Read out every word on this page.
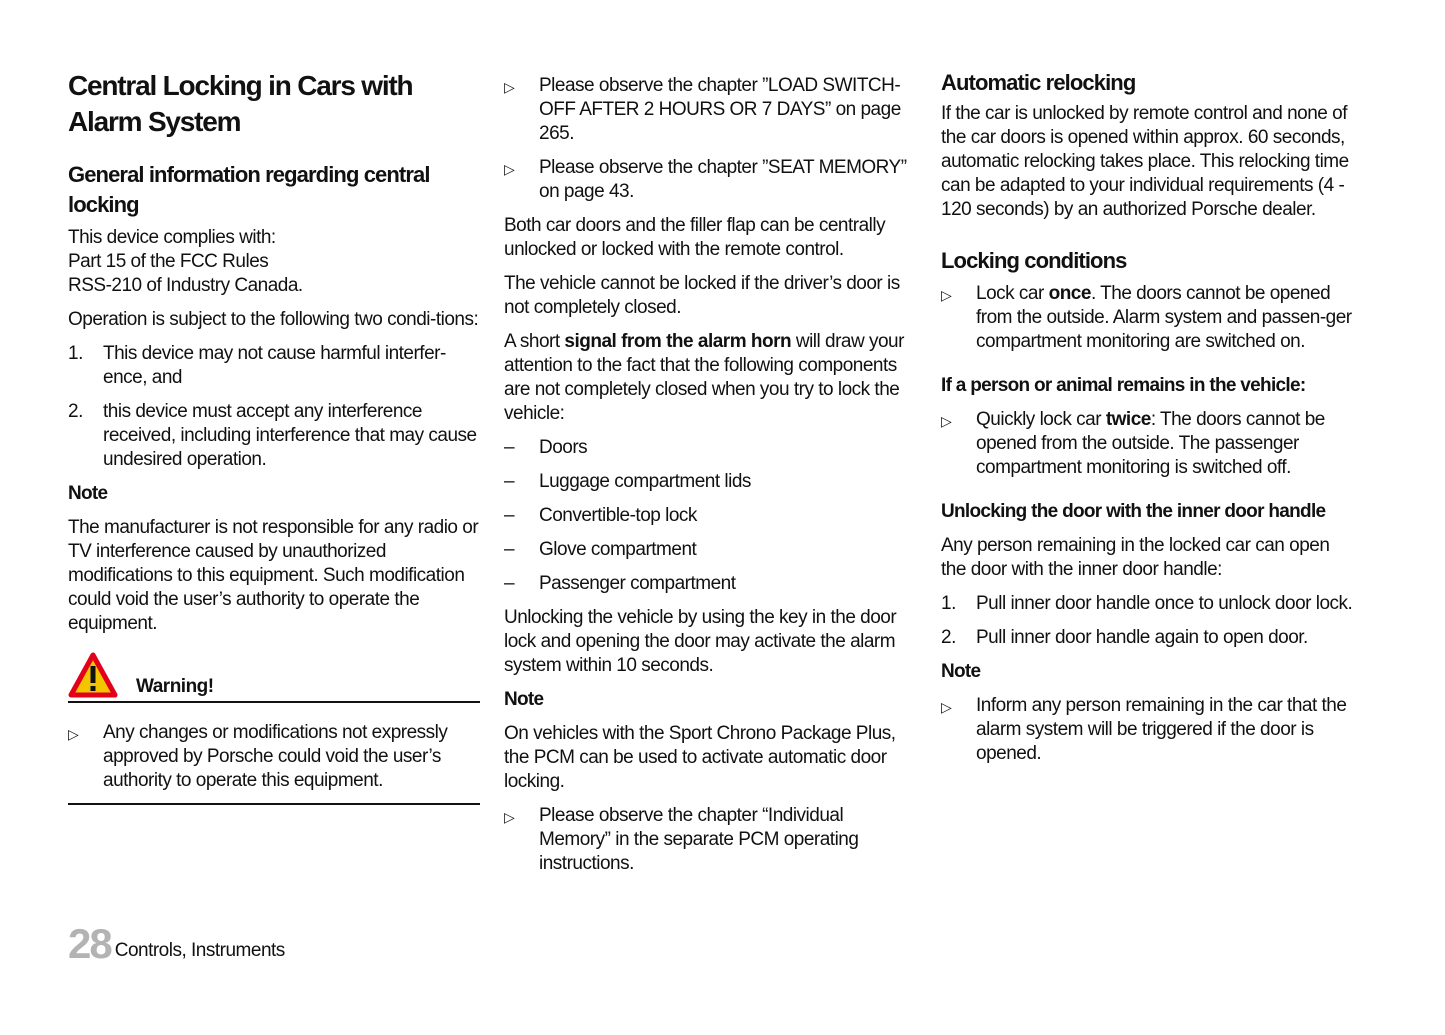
Central Locking in Cars with Alarm System
General information regarding central locking

This device complies with:
Part 15 of the FCC Rules
RSS-210 of Industry Canada.

Operation is subject to the following two condi-tions:

1.	This device may not cause harmful interfer-ence, and
2.	this device must accept any interference received, including interference that may cause undesired operation.
Note

The manufacturer is not responsible for any radio or TV interference caused by unauthorized modifications to this equipment. Such modification could void the user’s authority to operate the equipment.

Warning!
▷	Any changes or modifications not expressly approved by Porsche could void the user’s authority to operate this equipment.
▷	Please observe the chapter ”LOAD SWITCH-OFF AFTER 2 HOURS OR 7 DAYS” on page 265.
▷	Please observe the chapter ”SEAT MEMORY” on page 43.

Both car doors and the filler flap can be centrally unlocked or locked with the remote control.

The vehicle cannot be locked if the driver’s door is not completely closed.

A short signal from the alarm horn will draw your attention to the fact that the following components are not completely closed when you try to lock the vehicle:

–	Doors
–	Luggage compartment lids
–	Convertible-top lock
–	Glove compartment
–	Passenger compartment

Unlocking the vehicle by using the key in the door lock and opening the door may activate the alarm system within 10 seconds.

Note

On vehicles with the Sport Chrono Package Plus, the PCM can be used to activate automatic door locking.

▷	Please observe the chapter “Individual Memory” in the separate PCM operating instructions.
Automatic relocking

If the car is unlocked by remote control and none of the car doors is opened within approx. 60 seconds, automatic relocking takes place. This relocking time can be adapted to your individual requirements (4 - 120 seconds) by an authorized Porsche dealer.

Locking conditions
▷	Lock car once. The doors cannot be opened from the outside. Alarm system and passen-ger compartment monitoring are switched on.
If a person or animal remains in the vehicle:
▷	Quickly lock car twice: The doors cannot be opened from the outside. The passenger compartment monitoring is switched off.
Unlocking the door with the inner door handle

Any person remaining in the locked car can open the door with the inner door handle:

1.	Pull inner door handle once to unlock door lock.
2.	Pull inner door handle again to open door.
Note
▷	Inform any person remaining in the car that the alarm system will be triggered if the door is opened.
28 Controls, Instruments
